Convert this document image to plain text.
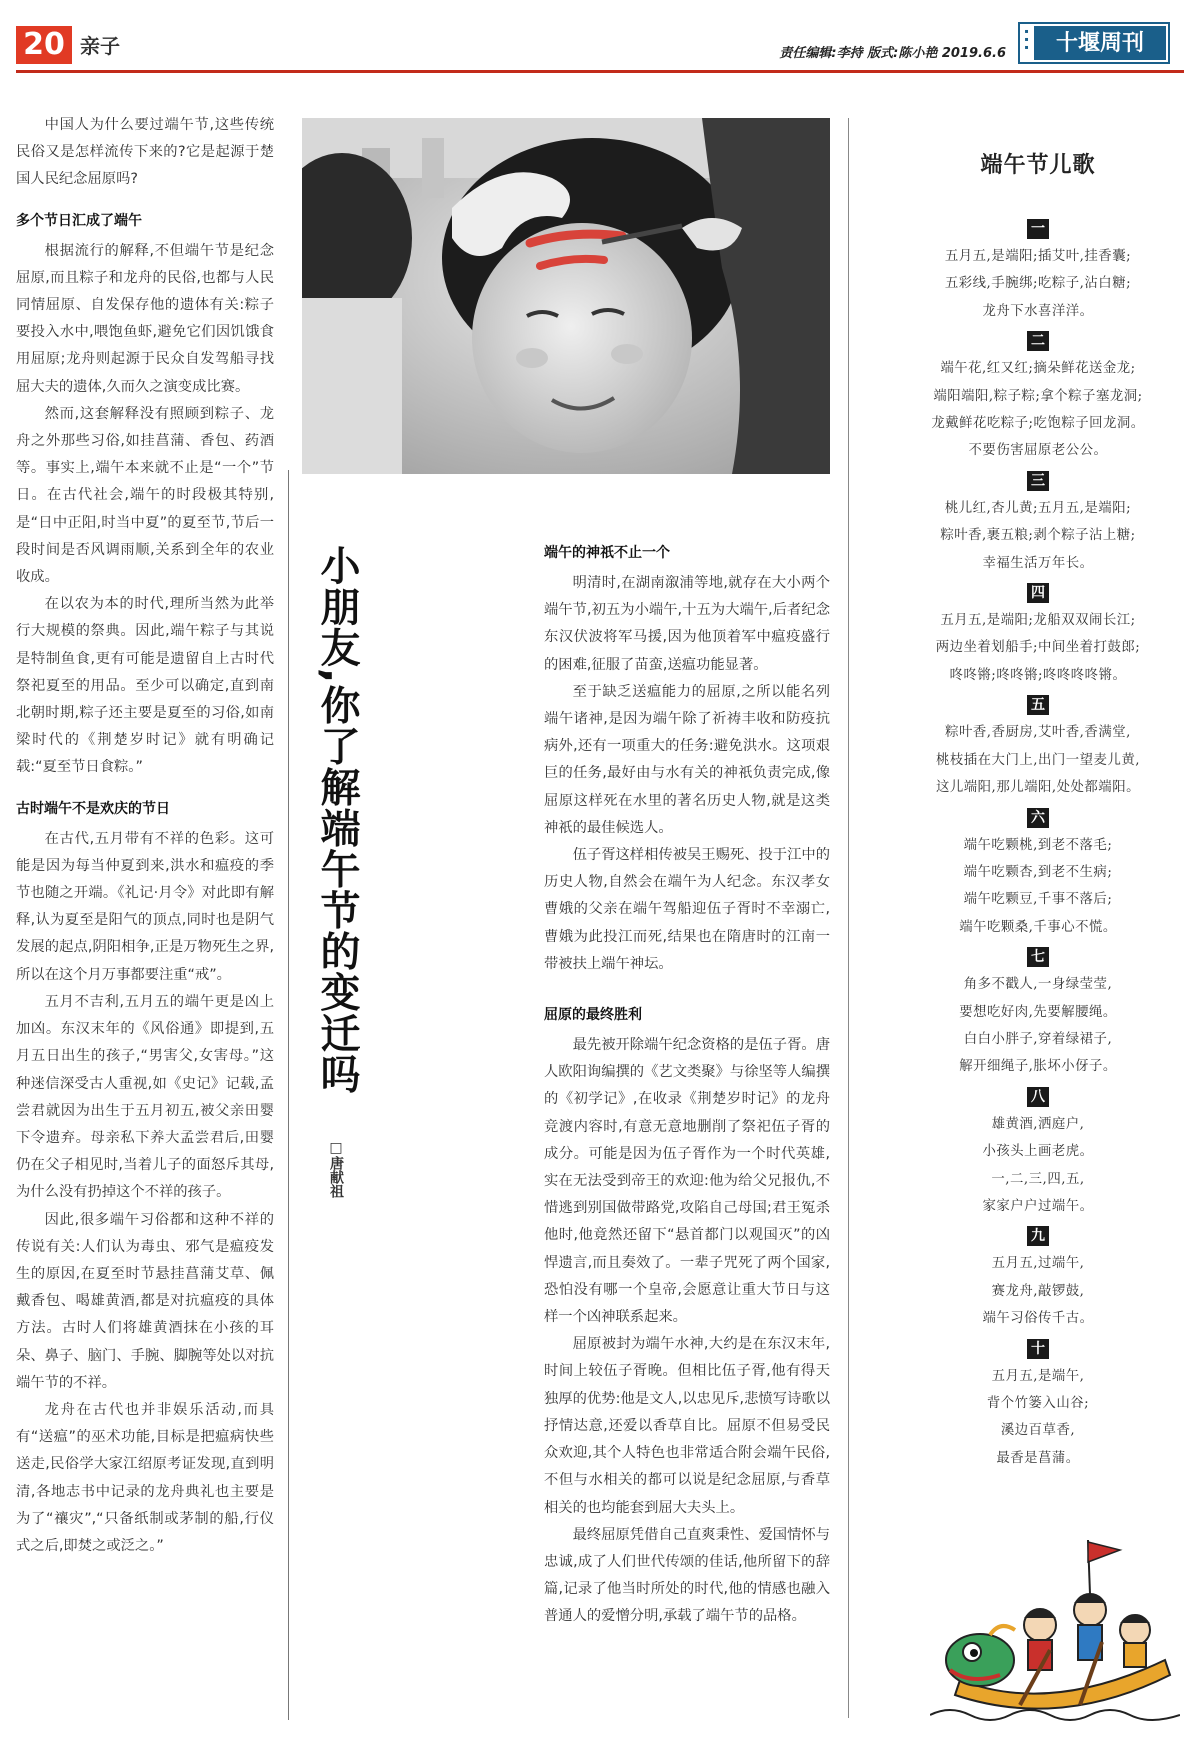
20 亲子	责任编辑:李持 版式:陈小艳 2019.6.6
▪
▪
▪	十堰周刊

中国人为什么要过端午节,这些传统民俗又是怎样流传下来的?它是起源于楚国人民纪念屈原吗?

多个节日汇成了端午

根据流行的解释,不但端午节是纪念屈原,而且粽子和龙舟的民俗,也都与人民同情屈原、自发保存他的遗体有关:粽子要投入水中,喂饱鱼虾,避免它们因饥饿食用屈原;龙舟则起源于民众自发驾船寻找屈大夫的遗体,久而久之演变成比赛。

然而,这套解释没有照顾到粽子、龙舟之外那些习俗,如挂菖蒲、香包、药酒等。事实上,端午本来就不止是“一个”节日。在古代社会,端午的时段极其特别,是“日中正阳,时当中夏”的夏至节,节后一段时间是否风调雨顺,关系到全年的农业收成。

在以农为本的时代,理所当然为此举行大规模的祭典。因此,端午粽子与其说是特制鱼食,更有可能是遗留自上古时代祭祀夏至的用品。至少可以确定,直到南北朝时期,粽子还主要是夏至的习俗,如南梁时代的《荆楚岁时记》就有明确记载:“夏至节日食粽。”

古时端午不是欢庆的节日

在古代,五月带有不祥的色彩。这可能是因为每当仲夏到来,洪水和瘟疫的季节也随之开端。《礼记·月令》对此即有解释,认为夏至是阳气的顶点,同时也是阴气发展的起点,阴阳相争,正是万物死生之界,所以在这个月万事都要注重“戒”。

五月不吉利,五月五的端午更是凶上加凶。东汉末年的《风俗通》即提到,五月五日出生的孩子,“男害父,女害母。”这种迷信深受古人重视,如《史记》记载,孟尝君就因为出生于五月初五,被父亲田婴下令遗弃。母亲私下养大孟尝君后,田婴仍在父子相见时,当着儿子的面怒斥其母,为什么没有扔掉这个不祥的孩子。

因此,很多端午习俗都和这种不祥的传说有关:人们认为毒虫、邪气是瘟疫发生的原因,在夏至时节悬挂菖蒲艾草、佩戴香包、喝雄黄酒,都是对抗瘟疫的具体方法。古时人们将雄黄酒抹在小孩的耳朵、鼻子、脑门、手腕、脚腕等处以对抗端午节的不祥。

龙舟在古代也并非娱乐活动,而具有“送瘟”的巫术功能,目标是把瘟病快些送走,民俗学大家江绍原考证发现,直到明清,各地志书中记录的龙舟典礼也主要是为了“禳灾”,“只备纸制或茅制的船,行仪式之后,即焚之或泛之。”

小朋友,你了解端午节的变迁吗
□唐献祖
端午的神祇不止一个

明清时,在湖南溆浦等地,就存在大小两个端午节,初五为小端午,十五为大端午,后者纪念东汉伏波将军马援,因为他顶着军中瘟疫盛行的困难,征服了苗蛮,送瘟功能显著。

至于缺乏送瘟能力的屈原,之所以能名列端午诸神,是因为端午除了祈祷丰收和防疫抗病外,还有一项重大的任务:避免洪水。这项艰巨的任务,最好由与水有关的神祇负责完成,像屈原这样死在水里的著名历史人物,就是这类神祇的最佳候选人。

伍子胥这样相传被吴王赐死、投于江中的历史人物,自然会在端午为人纪念。东汉孝女曹娥的父亲在端午驾船迎伍子胥时不幸溺亡,曹娥为此投江而死,结果也在隋唐时的江南一带被扶上端午神坛。

屈原的最终胜利

最先被开除端午纪念资格的是伍子胥。唐人欧阳询编撰的《艺文类聚》与徐坚等人编撰的《初学记》,在收录《荆楚岁时记》的龙舟竞渡内容时,有意无意地删削了祭祀伍子胥的成分。可能是因为伍子胥作为一个时代英雄,实在无法受到帝王的欢迎:他为给父兄报仇,不惜逃到别国做带路党,攻陷自己母国;君王冤杀他时,他竟然还留下“悬首都门以观国灭”的凶悍遗言,而且奏效了。一辈子咒死了两个国家,恐怕没有哪一个皇帝,会愿意让重大节日与这样一个凶神联系起来。

屈原被封为端午水神,大约是在东汉末年,时间上较伍子胥晚。但相比伍子胥,他有得天独厚的优势:他是文人,以忠见斥,悲愤写诗歌以抒情达意,还爱以香草自比。屈原不但易受民众欢迎,其个人特色也非常适合附会端午民俗,不但与水相关的都可以说是纪念屈原,与香草相关的也均能套到屈大夫头上。

最终屈原凭借自己直爽秉性、爱国情怀与忠诚,成了人们世代传颂的佳话,他所留下的辞篇,记录了他当时所处的时代,他的情感也融入普通人的爱憎分明,承载了端午节的品格。

端午节儿歌
一
五月五,是端阳;插艾叶,挂香囊;
五彩线,手腕绑;吃粽子,沾白糖;
龙舟下水喜洋洋。
二
端午花,红又红;摘朵鲜花送金龙;
端阳端阳,粽子粽;拿个粽子塞龙洞;
龙戴鲜花吃粽子;吃饱粽子回龙洞。
不要伤害屈原老公公。
三
桃儿红,杏儿黄;五月五,是端阳;
粽叶香,裹五粮;剥个粽子沾上糖;
幸福生活万年长。
四
五月五,是端阳;龙船双双闹长江;
两边坐着划船手;中间坐着打鼓郎;
咚咚锵;咚咚锵;咚咚咚咚锵。
五
粽叶香,香厨房,艾叶香,香满堂,
桃枝插在大门上,出门一望麦儿黄,
这儿端阳,那儿端阳,处处都端阳。
六
端午吃颗桃,到老不落毛;
端午吃颗杏,到老不生病;
端午吃颗豆,千事不落后;
端午吃颗桑,千事心不慌。
七
角多不戳人,一身绿莹莹,
要想吃好肉,先要解腰绳。
白白小胖子,穿着绿裙子,
解开细绳子,胀坏小伢子。
八
雄黄酒,洒庭户,
小孩头上画老虎。
一,二,三,四,五,
家家户户过端午。
九
五月五,过端午,
赛龙舟,敲锣鼓,
端午习俗传千古。
十
五月五,是端午,
背个竹篓入山谷;
溪边百草香,
最香是菖蒲。
